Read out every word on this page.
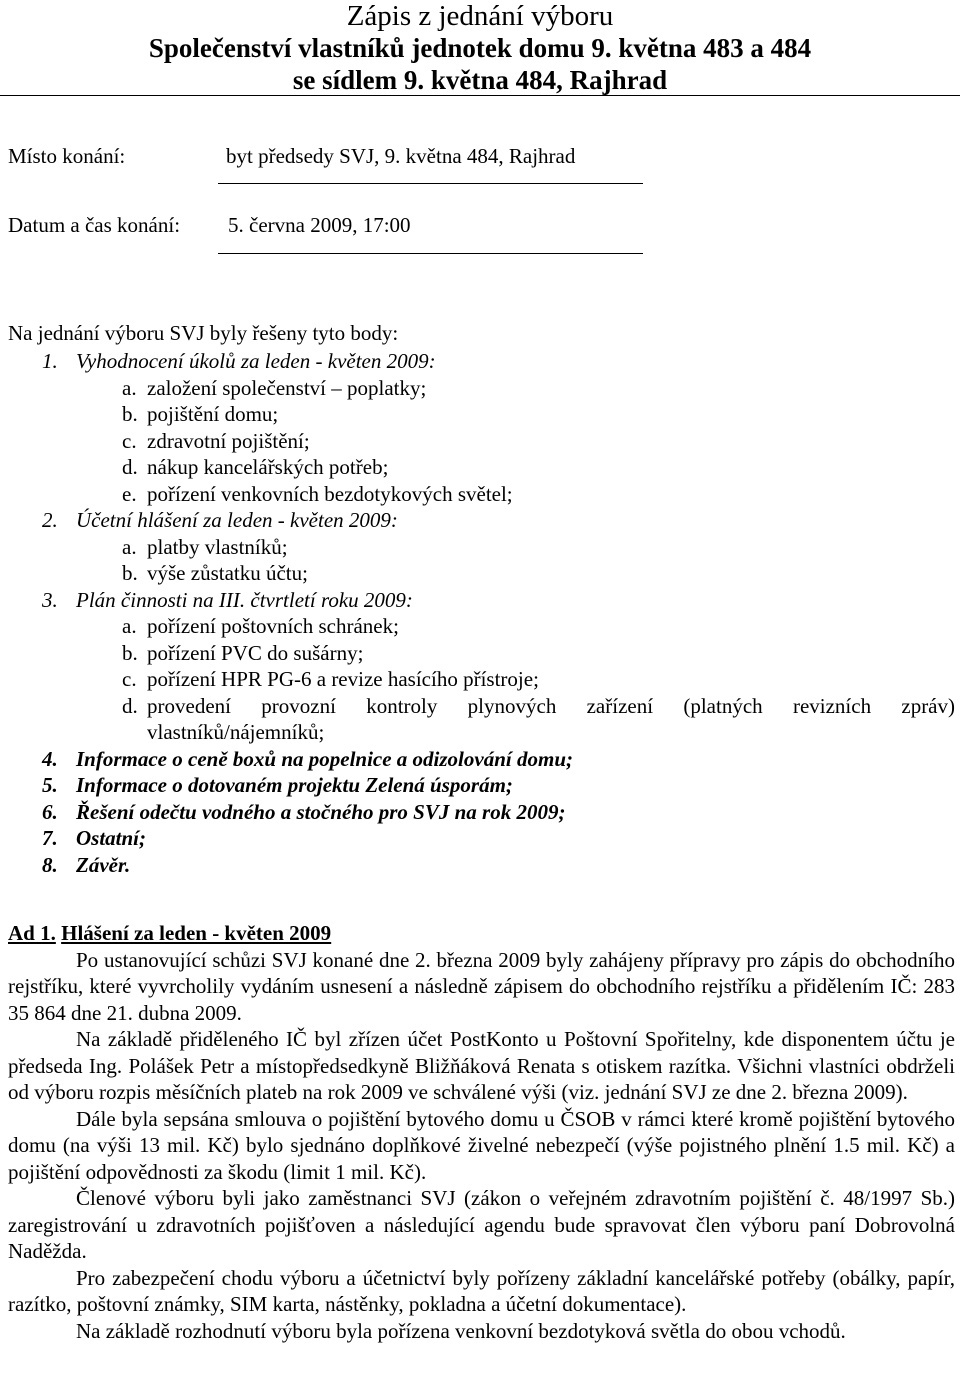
Zápis z jednání výboru
Společenství vlastníků jednotek domu 9. května 483 a 484
se sídlem 9. května 484, Rajhrad
Místo konání:	byt předsedy SVJ, 9. května 484, Rajhrad
Datum a čas konání: 5. června 2009, 17:00
Na jednání výboru SVJ byly řešeny tyto body:
1. Vyhodnocení úkolů za leden - květen 2009:
a. založení společenství – poplatky;
b. pojištění domu;
c. zdravotní pojištění;
d. nákup kancelářských potřeb;
e. pořízení venkovních bezdotykových světel;
2. Účetní hlášení za leden - květen 2009:
a. platby vlastníků;
b. výše zůstatku účtu;
3. Plán činnosti na III. čtvrtletí roku 2009:
a. pořízení poštovních schránek;
b. pořízení PVC do sušárny;
c. pořízení HPR PG-6 a revize hasícího přístroje;
d. provedení provozní kontroly plynových zařízení (platných revizních zpráv) vlastníků/nájemníků;
4. Informace o ceně boxů na popelnice a odizolování domu;
5. Informace o dotovaném projektu Zelená úsporám;
6. Řešení odečtu vodného a stočného pro SVJ na rok 2009;
7. Ostatní;
8. Závěr.
Ad 1. Hlášení za leden - květen 2009

Po ustanovující schůzi SVJ konané dne 2. března 2009 byly zahájeny přípravy pro zápis do obchodního rejstříku, které vyvrcholily vydáním usnesení a následně zápisem do obchodního rejstříku a přidělením IČ: 283 35 864 dne 21. dubna 2009.

Na základě přiděleného IČ byl zřízen účet PostKonto u Poštovní Spořitelny, kde disponentem účtu je předseda Ing. Polášek Petr a místopředsedkyně Bližňáková Renata s otiskem razítka. Všichni vlastníci obdrželi od výboru rozpis měsíčních plateb na rok 2009 ve schválené výši (viz. jednání SVJ ze dne 2. března 2009).

Dále byla sepsána smlouva o pojištění bytového domu u ČSOB v rámci které kromě pojištění bytového domu (na výši 13 mil. Kč) bylo sjednáno doplňkové živelné nebezpečí (výše pojistného plnění 1.5 mil. Kč) a pojištění odpovědnosti za škodu (limit 1 mil. Kč).

Členové výboru byli jako zaměstnanci SVJ (zákon o veřejném zdravotním pojištění č. 48/1997 Sb.) zaregistrování u zdravotních pojišťoven a následující agendu bude spravovat člen výboru paní Dobrovolná Naděžda.

Pro zabezpečení chodu výboru a účetnictví byly pořízeny základní kancelářské potřeby (obálky, papír, razítko, poštovní známky, SIM karta, nástěnky, pokladna a účetní dokumentace).

Na základě rozhodnutí výboru byla pořízena venkovní bezdotyková světla do obou vchodů.
